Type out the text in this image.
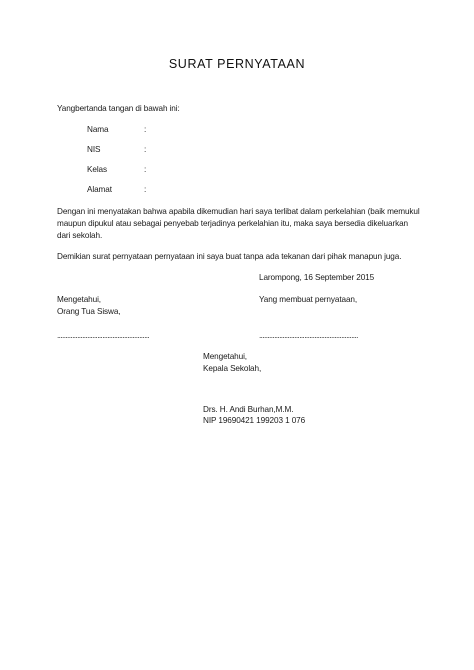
SURAT PERNYATAAN
Yangbertanda tangan di bawah ini:
Nama	:
NIS	:
Kelas	:
Alamat	:
Dengan ini menyatakan bahwa apabila dikemudian hari saya terlibat dalam perkelahian (baik memukul
maupun dipukul atau sebagai penyebab terjadinya perkelahian itu, maka saya bersedia dikeluarkan
dari sekolah.
Demikian surat pernyataan pernyataan ini saya buat tanpa ada tekanan dari pihak manapun juga.
Larompong, 16 September 2015
Mengetahui,
Orang Tua Siswa,
.......................................................
Yang membuat pernyataan,
...........................................................
Mengetahui,
Kepala Sekolah,
Drs. H. Andi Burhan,M.M.
NIP 19690421 199203 1 076
